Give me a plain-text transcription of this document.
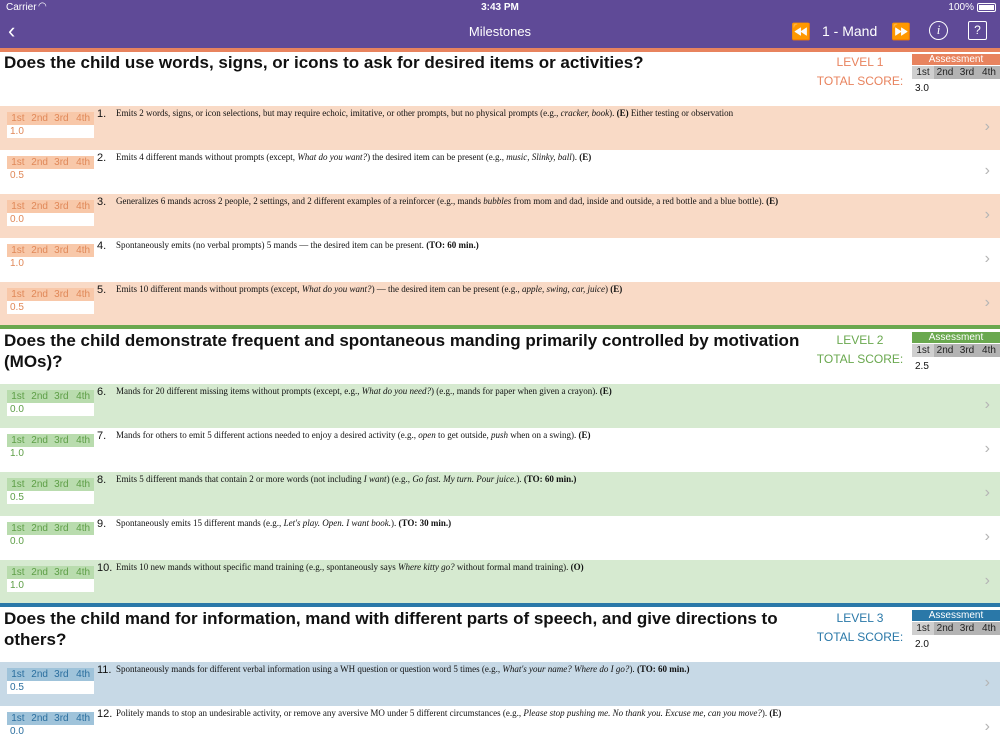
Carrier ◠	3:43 PM	100%
‹	Milestones	⏪ 1 - Mand ⏩	i	?
Does the child use words, signs, or icons to ask for desired items or activities?	LEVEL 1
TOTAL SCORE:
Assessment
1st 2nd 3rd 4th
3.0
1st 2nd 3rd 4th
1.0
1. Emits 2 words, signs, or icon selections, but may require echoic, imitative, or other prompts, but no physical prompts (e.g., cracker, book). (E) Either testing or observation
›
1st 2nd 3rd 4th
0.5
2. Emits 4 different mands without prompts (except, What do you want?) the desired item can be present (e.g., music, Slinky, ball). (E)
›
1st 2nd 3rd 4th
0.0
3. Generalizes 6 mands across 2 people, 2 settings, and 2 different examples of a reinforcer (e.g., mands bubbles from mom and dad, inside and outside, a red bottle and a blue bottle). (E)
›
1st 2nd 3rd 4th
1.0
4. Spontaneously emits (no verbal prompts) 5 mands — the desired item can be present. (TO: 60 min.)
›
1st 2nd 3rd 4th
0.5
5. Emits 10 different mands without prompts (except, What do you want?) — the desired item can be present (e.g., apple, swing, car, juice) (E)
›
Does the child demonstrate frequent and spontaneous manding primarily controlled by motivation (MOs)?
LEVEL 2
TOTAL SCORE:
Assessment
1st 2nd 3rd 4th
2.5
1st 2nd 3rd 4th
0.0
6. Mands for 20 different missing items without prompts (except, e.g., What do you need?) (e.g., mands for paper when given a crayon). (E)
›
1st 2nd 3rd 4th
1.0
7. Mands for others to emit 5 different actions needed to enjoy a desired activity (e.g., open to get outside, push when on a swing). (E)
›
1st 2nd 3rd 4th
0.5
8. Emits 5 different mands that contain 2 or more words (not including I want) (e.g., Go fast. My turn. Pour juice.). (TO: 60 min.)
›
1st 2nd 3rd 4th
0.0
9. Spontaneously emits 15 different mands (e.g., Let's play. Open. I want book.). (TO: 30 min.)
›
1st 2nd 3rd 4th
1.0
10. Emits 10 new mands without specific mand training (e.g., spontaneously says Where kitty go? without formal mand training). (O)
›
Does the child mand for information, mand with different parts of speech, and give directions to others?
LEVEL 3
TOTAL SCORE:
Assessment
1st 2nd 3rd 4th
2.0
1st 2nd 3rd 4th
0.5
11. Spontaneously mands for different verbal information using a WH question or question word 5 times (e.g., What's your name? Where do I go?). (TO: 60 min.)
›
1st 2nd 3rd 4th
0.0
12. Politely mands to stop an undesirable activity, or remove any aversive MO under 5 different circumstances (e.g., Please stop pushing me. No thank you. Excuse me, can you move?). (E)
›
